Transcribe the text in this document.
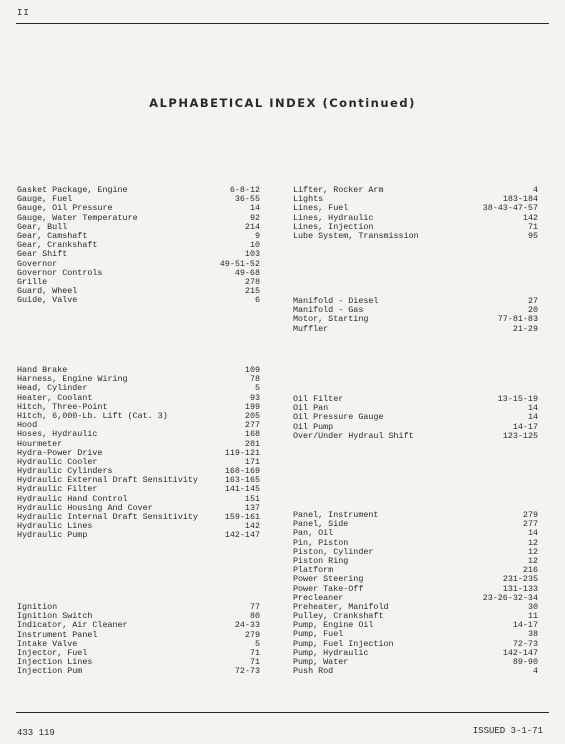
II
ALPHABETICAL INDEX (Continued)
Gasket Package, Engine	6-8-12
Gauge, Fuel	36-55
Gauge, Oil Pressure	14
Gauge, Water Temperature	92
Gear, Bull	214
Gear, Camshaft	9
Gear, Crankshaft	10
Gear Shift	103
Governor	49-51-52
Governor Controls	49-68
Grille	278
Guard, Wheel	215
Guide, Valve	6
Hand Brake	109
Harness, Engine Wiring	78
Head, Cylinder	5
Heater, Coolant	93
Hitch, Three-Point	199
Hitch, 6,000-Lb. Lift (Cat. 3)	205
Hood	277
Hoses, Hydraulic	168
Hourmeter	281
Hydra-Power Drive	119-121
Hydraulic Cooler	171
Hydraulic Cylinders	168-169
Hydraulic External Draft Sensitivity	163-165
Hydraulic Filter	141-145
Hydraulic Hand Control	151
Hydraulic Housing And Cover	137
Hydraulic Internal Draft Sensitivity	159-161
Hydraulic Lines	142
Hydraulic Pump	142-147
Ignition	77
Ignition Switch	80
Indicator, Air Cleaner	24-33
Instrument Panel	279
Intake Valve	5
Injector, Fuel	71
Injection Lines	71
Injection Pum	72-73
Lifter, Rocker Arm	4
Lights	183-184
Lines, Fuel	38-43-47-57
Lines, Hydraulic	142
Lines, Injection	71
Lube System, Transmission	95
Manifold - Diesel	27
Manifold - Gas	20
Motor, Starting	77-81-83
Muffler	21-29
Oil Filter	13-15-19
Oil Pan	14
Oil Pressure Gauge	14
Oil Pump	14-17
Over/Under Hydraul Shift	123-125
Panel, Instrument	279
Panel, Side	277
Pan, Oil	14
Pin, Piston	12
Piston, Cylinder	12
Piston Ring	12
Platform	216
Power Steering	231-235
Power Take-Off	131-133
Precleaner	23-26-32-34
Preheater, Manifold	30
Pulley, Crankshaft	11
Pump, Engine Oil	14-17
Pump, Fuel	38
Pump, Fuel Injection	72-73
Pump, Hydraulic	142-147
Pump, Water	89-90
Push Rod	4
433 119	ISSUED 3-1-71
